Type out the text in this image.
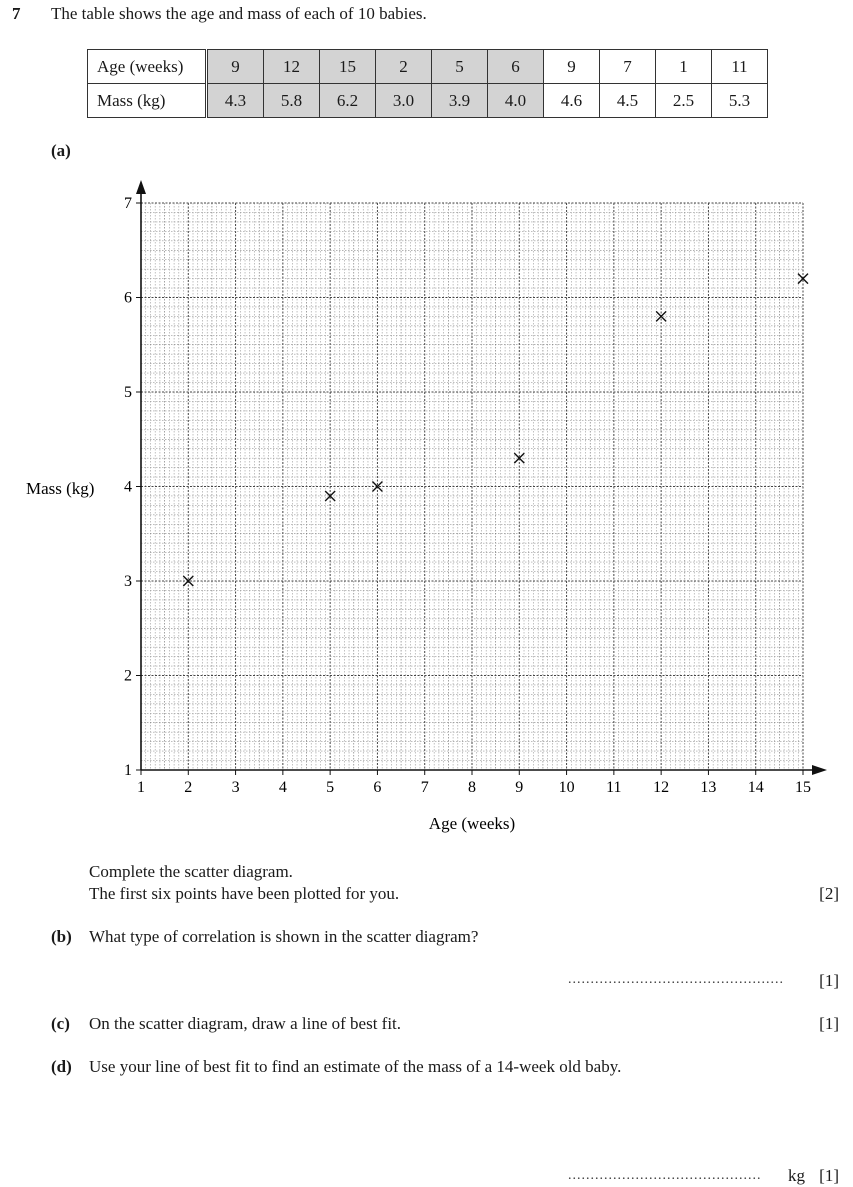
7 The table shows the age and mass of each of 10 babies.
Age (weeks)	9	12	15	2	5	6	9	7	1	11
Mass (kg)	4.3	5.8	6.2	3.0	3.9	4.0	4.6	4.5	2.5	5.3
(a)
1 2 3 4 5 6 7 8 9 10 11 12 13 14 15
1
2
3
4
5
6
7
Mass (kg)
Age (weeks)
Complete the scatter diagram.
The first six points have been plotted for you.	[2]
(b) What type of correlation is shown in the scatter diagram?
................................................ [1]
(c) On the scatter diagram, draw a line of best fit.	[1]
(d) Use your line of best fit to find an estimate of the mass of a 14-week old baby.
........................................... kg [1]
